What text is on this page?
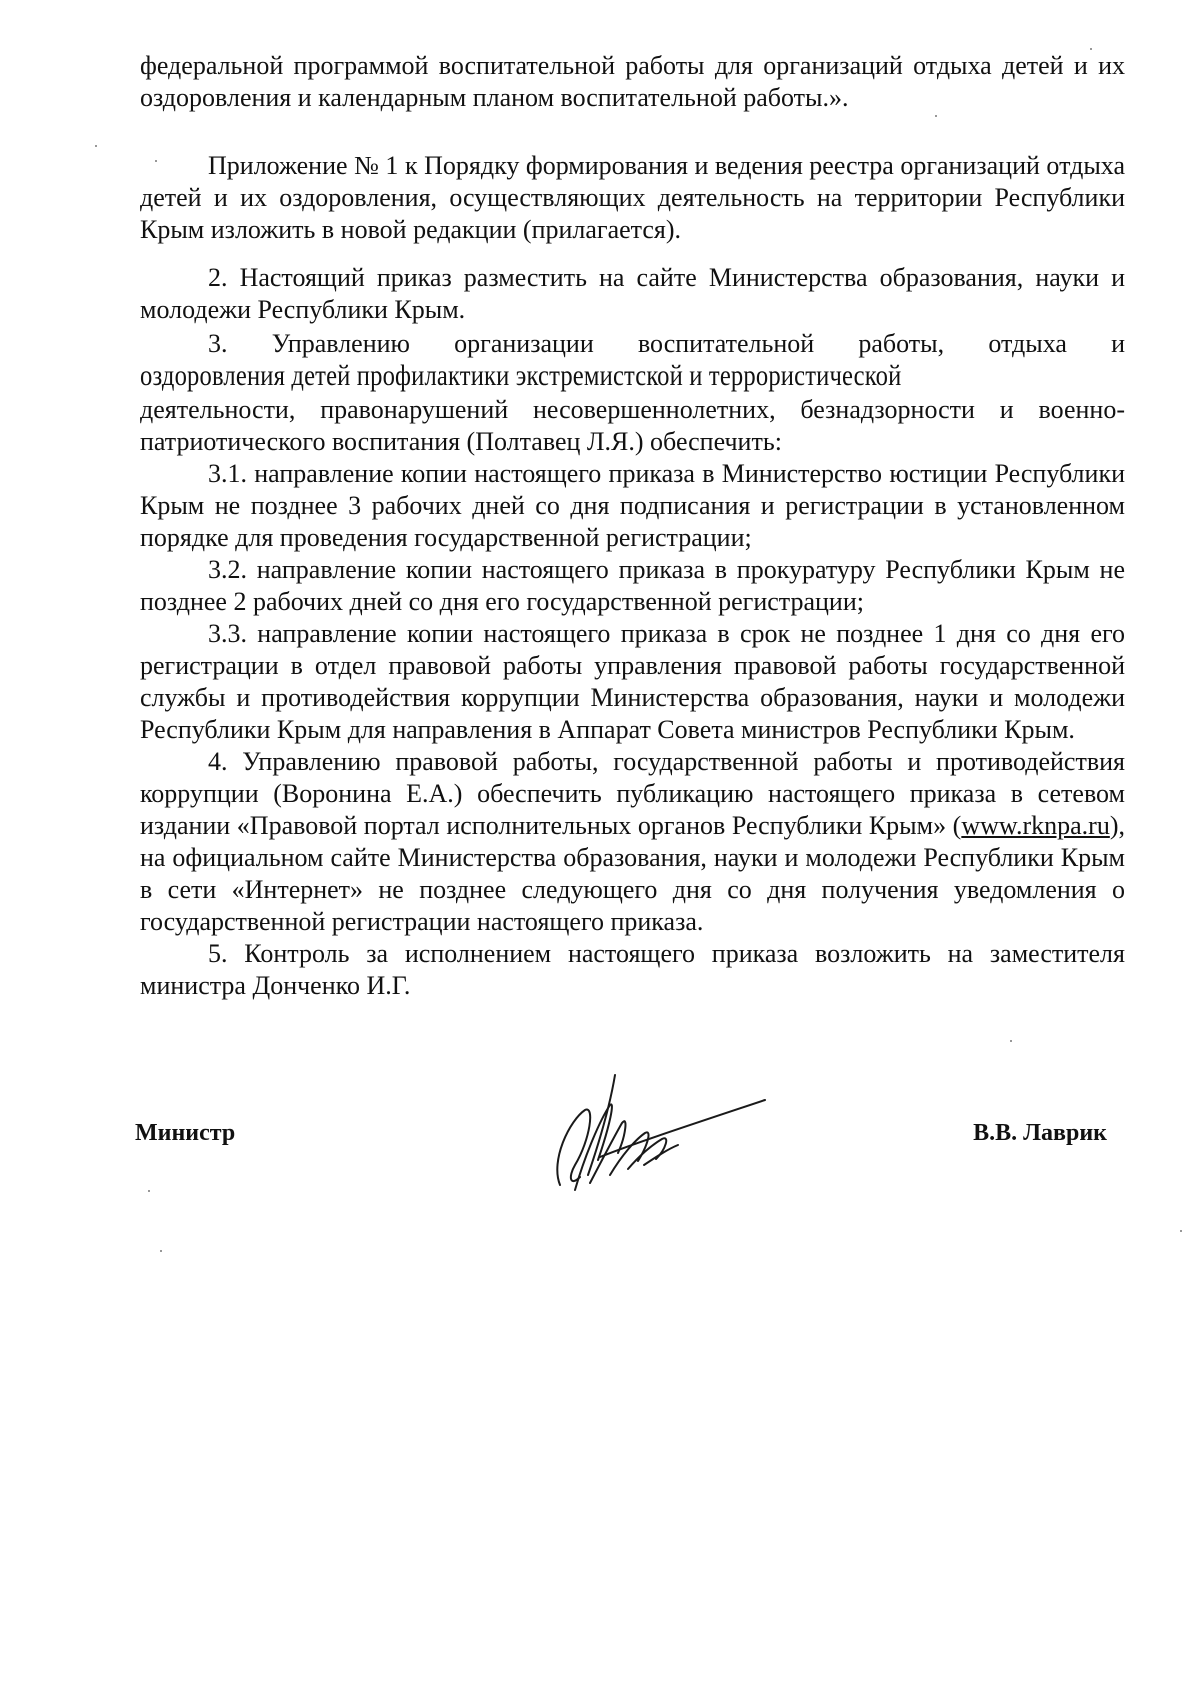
федеральной программой воспитательной работы для организаций отдыха детей и их оздоровления и календарным планом воспитательной работы.».

Приложение № 1 к Порядку формирования и ведения реестра организаций отдыха детей и их оздоровления, осуществляющих деятельность на территории Республики Крым изложить в новой редакции (прилагается).

2. Настоящий приказ разместить на сайте Министерства образования, науки и молодежи Республики Крым.

3. Управлению организации воспитательной работы, отдыха и

оздоровления детей профилактики экстремистской и террористической

деятельности, правонарушений несовершеннолетних, безнадзорности и военно-патриотического воспитания (Полтавец Л.Я.) обеспечить:

3.1. направление копии настоящего приказа в Министерство юстиции Республики Крым не позднее 3 рабочих дней со дня подписания и регистрации в установленном порядке для проведения государственной регистрации;

3.2. направление копии настоящего приказа в прокуратуру Республики Крым не позднее 2 рабочих дней со дня его государственной регистрации;

3.3. направление копии настоящего приказа в срок не позднее 1 дня со дня его регистрации в отдел правовой работы управления правовой работы государственной службы и противодействия коррупции Министерства образования, науки и молодежи Республики Крым для направления в Аппарат Совета министров Республики Крым.

4. Управлению правовой работы, государственной работы и противодействия коррупции (Воронина Е.А.) обеспечить публикацию настоящего приказа в сетевом издании «Правовой портал исполнительных органов Республики Крым» (www.rknpa.ru), на официальном сайте Министерства образования, науки и молодежи Республики Крым в сети «Интернет» не позднее следующего дня со дня получения уведомления о государственной регистрации настоящего приказа.

5. Контроль за исполнением настоящего приказа возложить на заместителя министра Донченко И.Г.

Министр	В.В. Лаврик
